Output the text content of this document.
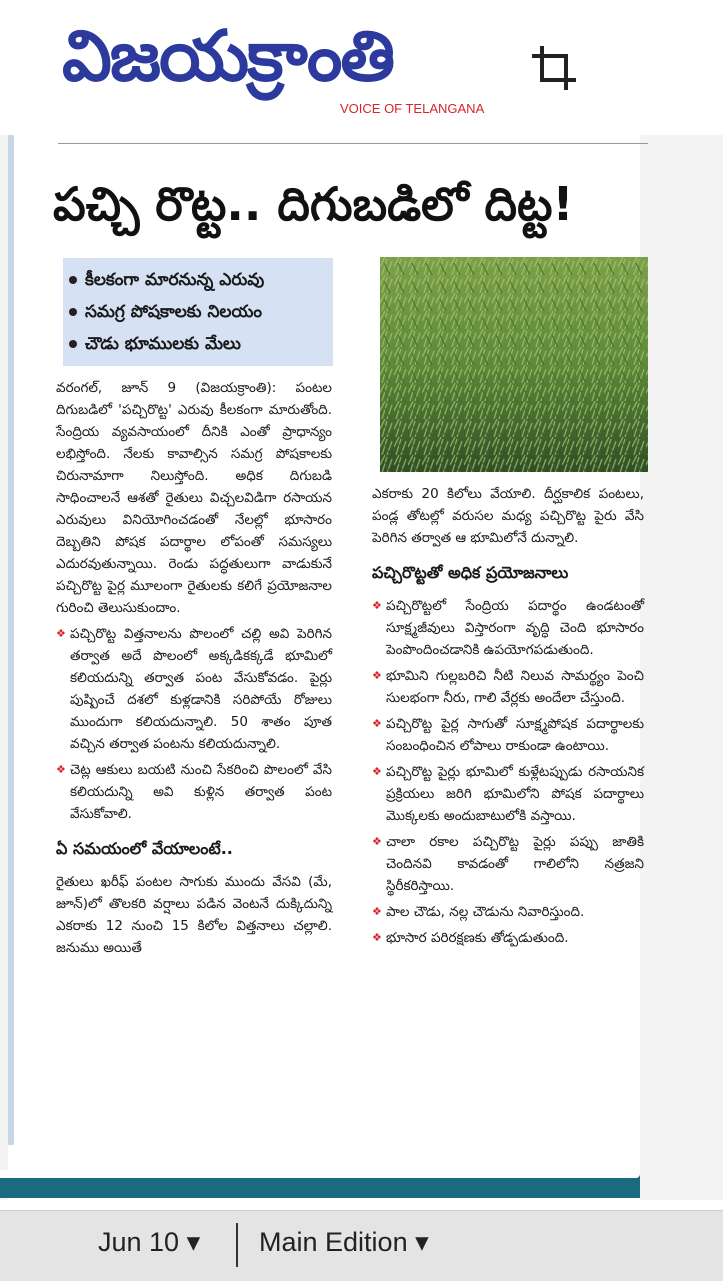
విజయక్రాంతి
VOICE OF TELANGANA
పచ్చి రొట్ట.. దిగుబడిలో దిట్ట!
కీలకంగా మారనున్న ఎరువు
సమగ్ర పోషకాలకు నిలయం
చౌడు భూములకు మేలు

వరంగల్, జూన్ 9 (విజయక్రాంతి): పంటల దిగుబడిలో 'పచ్చిరొట్ట' ఎరువు కీలకంగా మారుతోంది. సేంద్రియ వ్యవసాయంలో దీనికి ఎంతో ప్రాధాన్యం లభిస్తోంది. నేలకు కావాల్సిన సమగ్ర పోషకాలకు చిరునామాగా నిలుస్తోంది. అధిక దిగుబడి సాధించాలనే ఆశతో రైతులు విచ్చలవిడిగా రసాయన ఎరువులు వినియోగించడంతో నేలల్లో భూసారం దెబ్బతిని పోషక పదార్థాల లోపంతో సమస్యలు ఎదురవుతున్నాయి. రెండు పద్ధతులుగా వాడుకునే పచ్చిరొట్ట పైర్ల మూలంగా రైతులకు కలిగే ప్రయోజనాల గురించి తెలుసుకుందాం.

❖ పచ్చిరొట్ట విత్తనాలను పొలంలో చల్లి అవి పెరిగిన తర్వాత అదే పొలంలో అక్కడికక్కడే భూమిలో కలియదున్ని తర్వాత పంట వేసుకోవడం. పైర్లు పుష్పించే దశలో కుళ్లడానికి సరిపోయే రోజులు ముందుగా కలియదున్నాలి. 50 శాతం పూత వచ్చిన తర్వాత పంటను కలియదున్నాలి.
❖ చెట్ల ఆకులు బయటి నుంచి సేకరించి పొలంలో వేసి కలియదున్ని అవి కుళ్లిన తర్వాత పంట వేసుకోవాలి.
ఏ సమయంలో వేయాలంటే..

రైతులు ఖరీఫ్ పంటల సాగుకు ముందు వేసవి (మే, జూన్)లో తొలకరి వర్షాలు పడిన వెంటనే దుక్కిదున్ని ఎకరాకు 12 నుంచి 15 కిలోల విత్తనాలు చల్లాలి. జనుము అయితే

ఎకరాకు 20 కిలోలు వేయాలి. దీర్ఘకాలిక పంటలు, పండ్ల తోటల్లో వరుసల మధ్య పచ్చిరొట్ట పైరు వేసి పెరిగిన తర్వాత ఆ భూమిలోనే దున్నాలి.

పచ్చిరొట్టతో అధిక ప్రయోజనాలు
❖ పచ్చిరొట్టలో సేంద్రియ పదార్థం ఉండటంతో సూక్ష్మజీవులు విస్తారంగా వృద్ధి చెంది భూసారం పెంపొందించడానికి ఉపయోగపడుతుంది.
❖ భూమిని గుల్లబరిచి నీటి నిలువ సామర్థ్యం పెంచి సులభంగా నీరు, గాలి వేర్లకు అందేలా చేస్తుంది.
❖ పచ్చిరొట్ట పైర్ల సాగుతో సూక్ష్మపోషక పదార్థాలకు సంబంధించిన లోపాలు రాకుండా ఉంటాయి.
❖ పచ్చిరొట్ట పైర్లు భూమిలో కుళ్లేటప్పుడు రసాయనిక ప్రక్రియలు జరిగి భూమిలోని పోషక పదార్థాలు మొక్కలకు అందుబాటులోకి వస్తాయి.
❖ చాలా రకాల పచ్చిరొట్ట పైర్లు పప్పు జాతికి చెందినవి కావడంతో గాలిలోని నత్రజని స్థిరీకరిస్తాయి.
❖ పాల చౌడు, నల్ల చౌడును నివారిస్తుంది.
❖ భూసార పరిరక్షణకు తోడ్పడుతుంది.
Jun 10 ▾ Main Edition ▾
